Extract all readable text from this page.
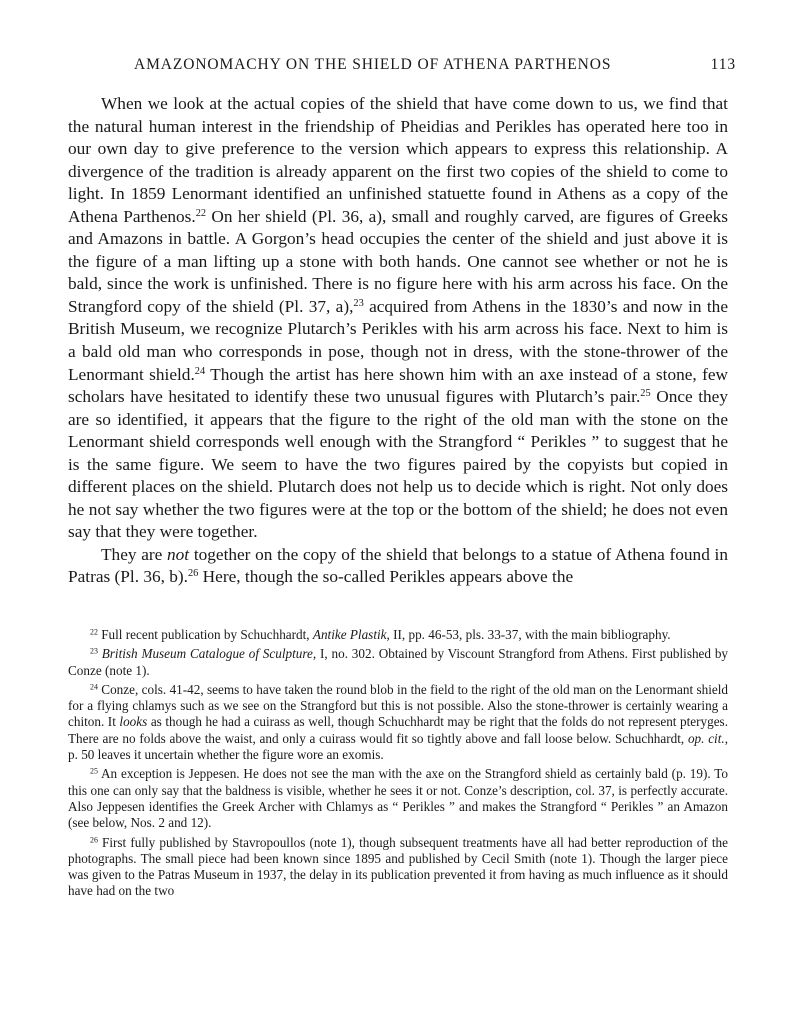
AMAZONOMACHY ON THE SHIELD OF ATHENA PARTHENOS	113

When we look at the actual copies of the shield that have come down to us, we find that the natural human interest in the friendship of Pheidias and Perikles has operated here too in our own day to give preference to the version which appears to express this relationship. A divergence of the tradition is already apparent on the first two copies of the shield to come to light. In 1859 Lenormant identified an unfinished statuette found in Athens as a copy of the Athena Parthenos.$^{22}$ On her shield (Pl. 36, a), small and roughly carved, are figures of Greeks and Amazons in battle. A Gorgon’s head occupies the center of the shield and just above it is the figure of a man lifting up a stone with both hands. One cannot see whether or not he is bald, since the work is unfinished. There is no figure here with his arm across his face. On the Strangford copy of the shield (Pl. 37, a),$^{23}$ acquired from Athens in the 1830’s and now in the British Museum, we recognize Plutarch’s Perikles with his arm across his face. Next to him is a bald old man who corresponds in pose, though not in dress, with the stone-thrower of the Lenormant shield.$^{24}$ Though the artist has here shown him with an axe instead of a stone, few scholars have hesitated to identify these two unusual figures with Plutarch’s pair.$^{25}$ Once they are so identified, it appears that the figure to the right of the old man with the stone on the Lenormant shield corresponds well enough with the Strangford “ Perikles ” to suggest that he is the same figure. We seem to have the two figures paired by the copyists but copied in different places on the shield. Plutarch does not help us to decide which is right. Not only does he not say whether the two figures were at the top or the bottom of the shield; he does not even say that they were together.

They are not together on the copy of the shield that belongs to a statue of Athena found in Patras (Pl. 36, b).$^{26}$ Here, though the so-called Perikles appears above the

$^{22}$ Full recent publication by Schuchhardt, Antike Plastik, II, pp. 46-53, pls. 33-37, with the main bibliography.

$^{23}$ British Museum Catalogue of Sculpture, I, no. 302. Obtained by Viscount Strangford from Athens. First published by Conze (note 1).

$^{24}$ Conze, cols. 41-42, seems to have taken the round blob in the field to the right of the old man on the Lenormant shield for a flying chlamys such as we see on the Strangford but this is not possible. Also the stone-thrower is certainly wearing a chiton. It looks as though he had a cuirass as well, though Schuchhardt may be right that the folds do not represent pteryges. There are no folds above the waist, and only a cuirass would fit so tightly above and fall loose below. Schuchhardt, op. cit., p. 50 leaves it uncertain whether the figure wore an exomis.

$^{25}$ An exception is Jeppesen. He does not see the man with the axe on the Strangford shield as certainly bald (p. 19). To this one can only say that the baldness is visible, whether he sees it or not. Conze’s description, col. 37, is perfectly accurate. Also Jeppesen identifies the Greek Archer with Chlamys as “ Perikles ” and makes the Strangford “ Perikles ” an Amazon (see below, Nos. 2 and 12).

$^{26}$ First fully published by Stavropoullos (note 1), though subsequent treatments have all had better reproduction of the photographs. The small piece had been known since 1895 and published by Cecil Smith (note 1). Though the larger piece was given to the Patras Museum in 1937, the delay in its publication prevented it from having as much influence as it should have had on the two
